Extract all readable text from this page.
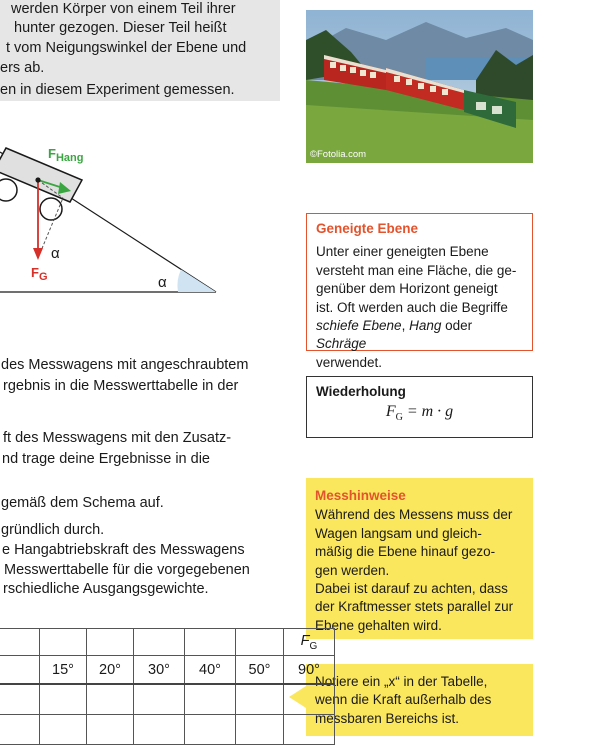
werden Körper von einem Teil ihrer
hunter gezogen. Dieser Teil heißt
t vom Neigungswinkel der Ebene und
ers ab.
en in diesem Experiment gemessen.
$F_{Hang}$
$F_G$
α
α
©Fotolia.com
des Messwagens mit angeschraubtem
rgebnis in die Messwerttabelle in der
ft des Messwagens mit den Zusatz-
nd trage deine Ergebnisse in die
gemäß dem Schema auf.
gründlich durch.
e Hangabtriebskraft des Messwagens
Messwerttabelle für die vorgegebenen
rschiedliche Ausgangsgewichte.
Geneigte Ebene
Unter einer geneigten Ebene
versteht man eine Fläche, die ge-
genüber dem Horizont geneigt
ist. Oft werden auch die Begriffe
schiefe Ebene, Hang oder Schräge
verwendet.
Wiederholung
$F_G = m \cdot g$
Messhinweise
Während des Messens muss der
Wagen langsam und gleich-
mäßig die Ebene hinauf gezo-
gen werden.
Dabei ist darauf zu achten, dass
der Kraftmesser stets parallel zur
Ebene gehalten wird.
Notiere ein „x“ in der Tabelle,
wenn die Kraft außerhalb des
messbaren Bereichs ist.
						$F_G$
	15°	20°	30°	40°	50°	90°
